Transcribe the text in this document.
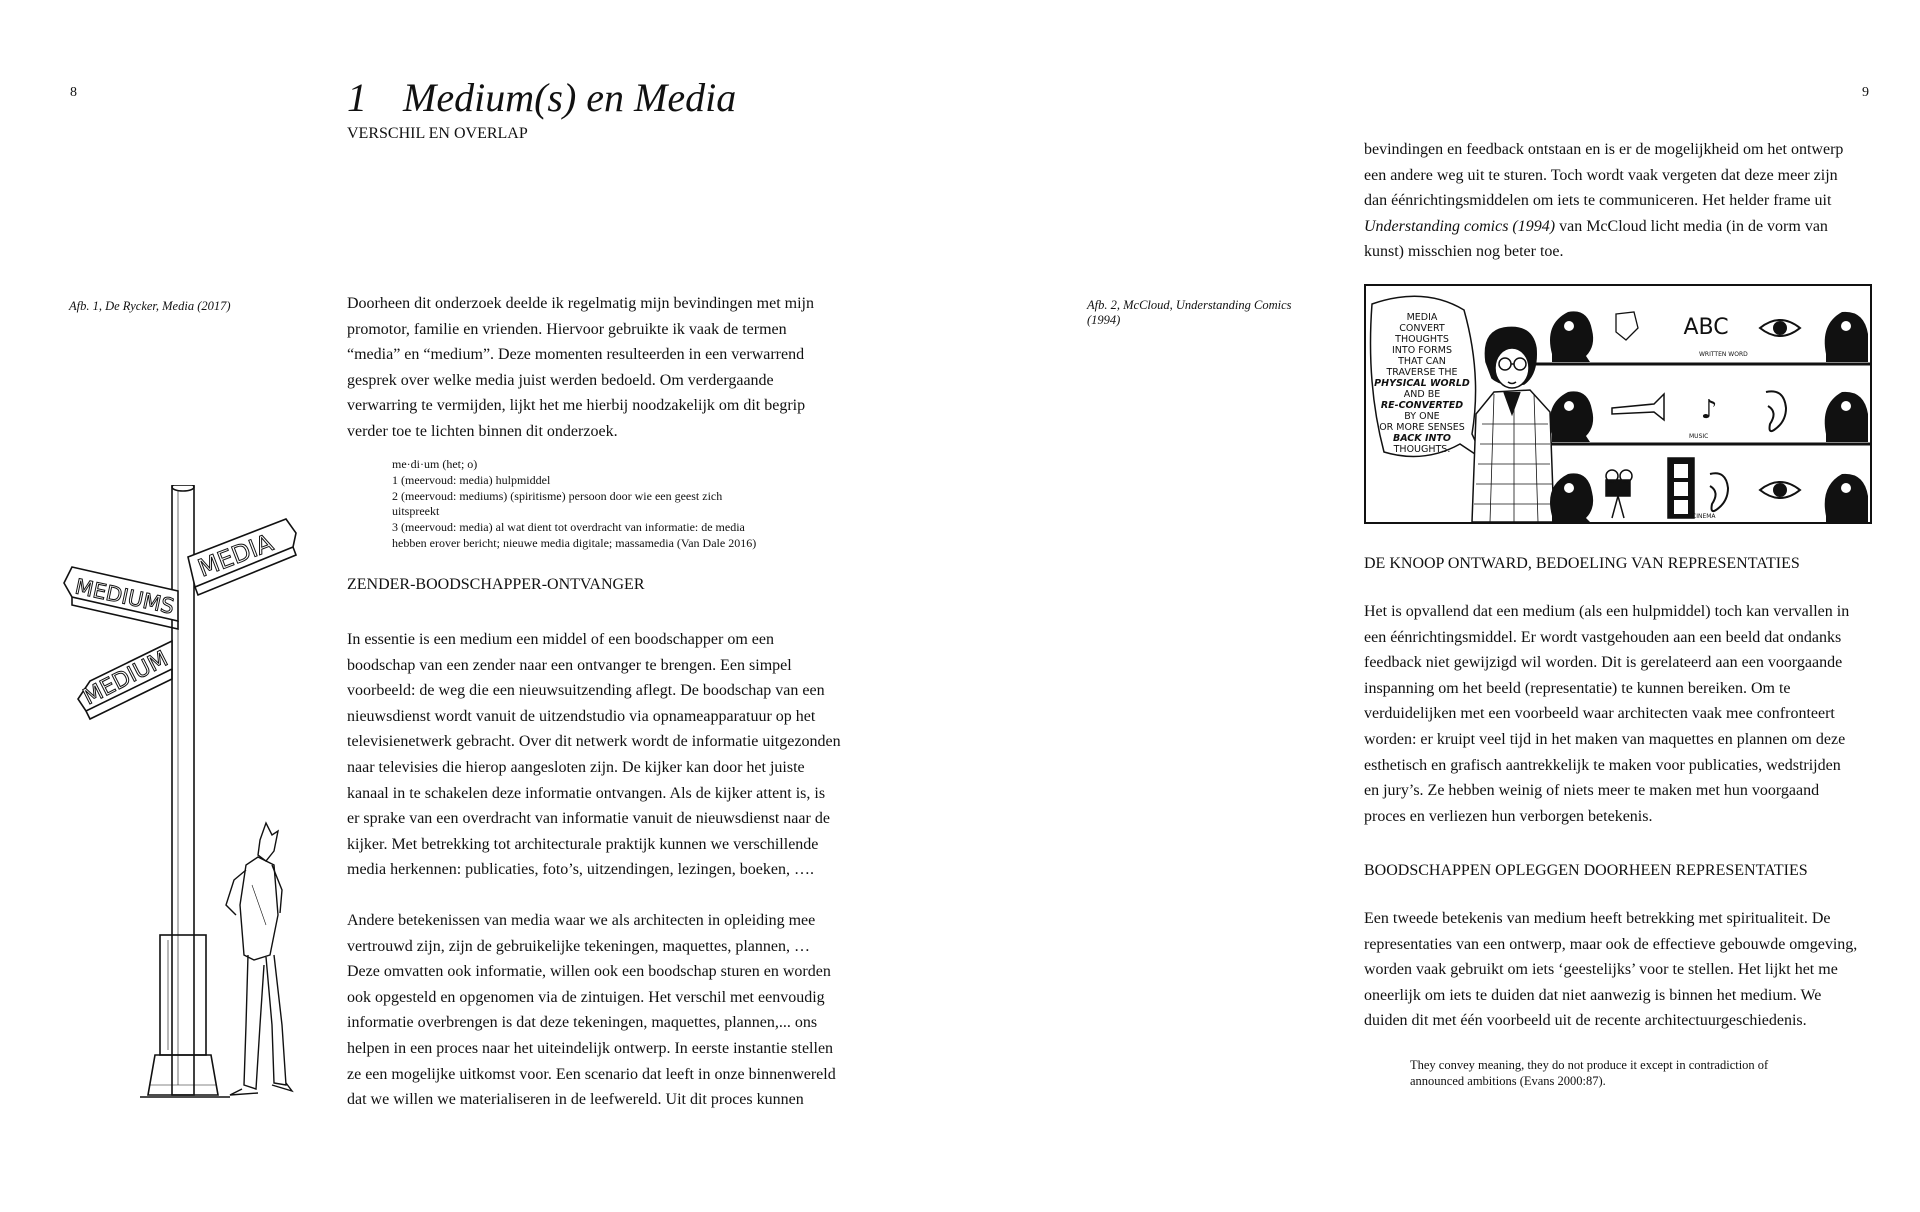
8	1 Medium(s) en Media
VERSCHIL EN OVERLAP
Afb. 1, De Rycker, Media (2017)	Doorheen dit onderzoek deelde ik regelmatig mijn bevindingen met mijn
promotor, familie en vrienden. Hiervoor gebruikte ik vaak de termen
“media” en “medium”. Deze momenten resulteerden in een verwarrend
gesprek over welke media juist werden bedoeld. Om verdergaande
verwarring te vermijden, lijkt het me hierbij noodzakelijk om dit begrip
verder toe te lichten binnen dit onderzoek.
me·di·um (het; o)
1 (meervoud: media) hulpmiddel
2 (meervoud: mediums) (spiritisme) persoon door wie een geest zich
uitspreekt
3 (meervoud: media) al wat dient tot overdracht van informatie: de media
hebben erover bericht; nieuwe media digitale; massamedia (Van Dale 2016)
ZENDER-BOODSCHAPPER-ONTVANGER
In essentie is een medium een middel of een boodschapper om een
boodschap van een zender naar een ontvanger te brengen. Een simpel
voorbeeld: de weg die een nieuwsuitzending aflegt. De boodschap van een
nieuwsdienst wordt vanuit de uitzendstudio via opnameapparatuur op het
televisienetwerk gebracht. Over dit netwerk wordt de informatie uitgezonden
naar televisies die hierop aangesloten zijn. De kijker kan door het juiste
kanaal in te schakelen deze informatie ontvangen. Als de kijker attent is, is
er sprake van een overdracht van informatie vanuit de nieuwsdienst naar de
kijker. Met betrekking tot architecturale praktijk kunnen we verschillende
media herkennen: publicaties, foto’s, uitzendingen, lezingen, boeken, ….
Andere betekenissen van media waar we als architecten in opleiding mee
vertrouwd zijn, zijn de gebruikelijke tekeningen, maquettes, plannen, …
Deze omvatten ook informatie, willen ook een boodschap sturen en worden
ook opgesteld en opgenomen via de zintuigen. Het verschil met eenvoudig
informatie overbrengen is dat deze tekeningen, maquettes, plannen,... ons
helpen in een proces naar het uiteindelijk ontwerp. In eerste instantie stellen
ze een mogelijke uitkomst voor. Een scenario dat leeft in onze binnenwereld
dat we willen we materialiseren in de leefwereld. Uit dit proces kunnen
MEDIA
MEDIUMS
MEDIUM
9
bevindingen en feedback ontstaan en is er de mogelijkheid om het ontwerp
een andere weg uit te sturen. Toch wordt vaak vergeten dat deze meer zijn
dan éénrichtingsmiddelen om iets te communiceren. Het helder frame uit
Understanding comics (1994) van McCloud licht media (in de vorm van
kunst) misschien nog beter toe.
Afb. 2, McCloud, Understanding Comics
(1994)	MEDIA
CONVERT
THOUGHTS
INTO FORMS
THAT CAN
TRAVERSE THE
PHYSICAL WORLD
AND BE
RE-CONVERTED
BY ONE
OR MORE SENSES
BACK INTO
THOUGHTS.
ABC
WRITTEN WORD
♪
MUSIC
CINEMA
DE KNOOP ONTWARD, BEDOELING VAN REPRESENTATIES
Het is opvallend dat een medium (als een hulpmiddel) toch kan vervallen in
een éénrichtingsmiddel. Er wordt vastgehouden aan een beeld dat ondanks
feedback niet gewijzigd wil worden. Dit is gerelateerd aan een voorgaande
inspanning om het beeld (representatie) te kunnen bereiken. Om te
verduidelijken met een voorbeeld waar architecten vaak mee confronteert
worden: er kruipt veel tijd in het maken van maquettes en plannen om deze
esthetisch en grafisch aantrekkelijk te maken voor publicaties, wedstrijden
en jury’s. Ze hebben weinig of niets meer te maken met hun voorgaand
proces en verliezen hun verborgen betekenis.
BOODSCHAPPEN OPLEGGEN DOORHEEN REPRESENTATIES
Een tweede betekenis van medium heeft betrekking met spiritualiteit. De
representaties van een ontwerp, maar ook de effectieve gebouwde omgeving,
worden vaak gebruikt om iets ‘geestelijks’ voor te stellen. Het lijkt het me
oneerlijk om iets te duiden dat niet aanwezig is binnen het medium. We
duiden dit met één voorbeeld uit de recente architectuurgeschiedenis.
They convey meaning, they do not produce it except in contradiction of
announced ambitions (Evans 2000:87).
